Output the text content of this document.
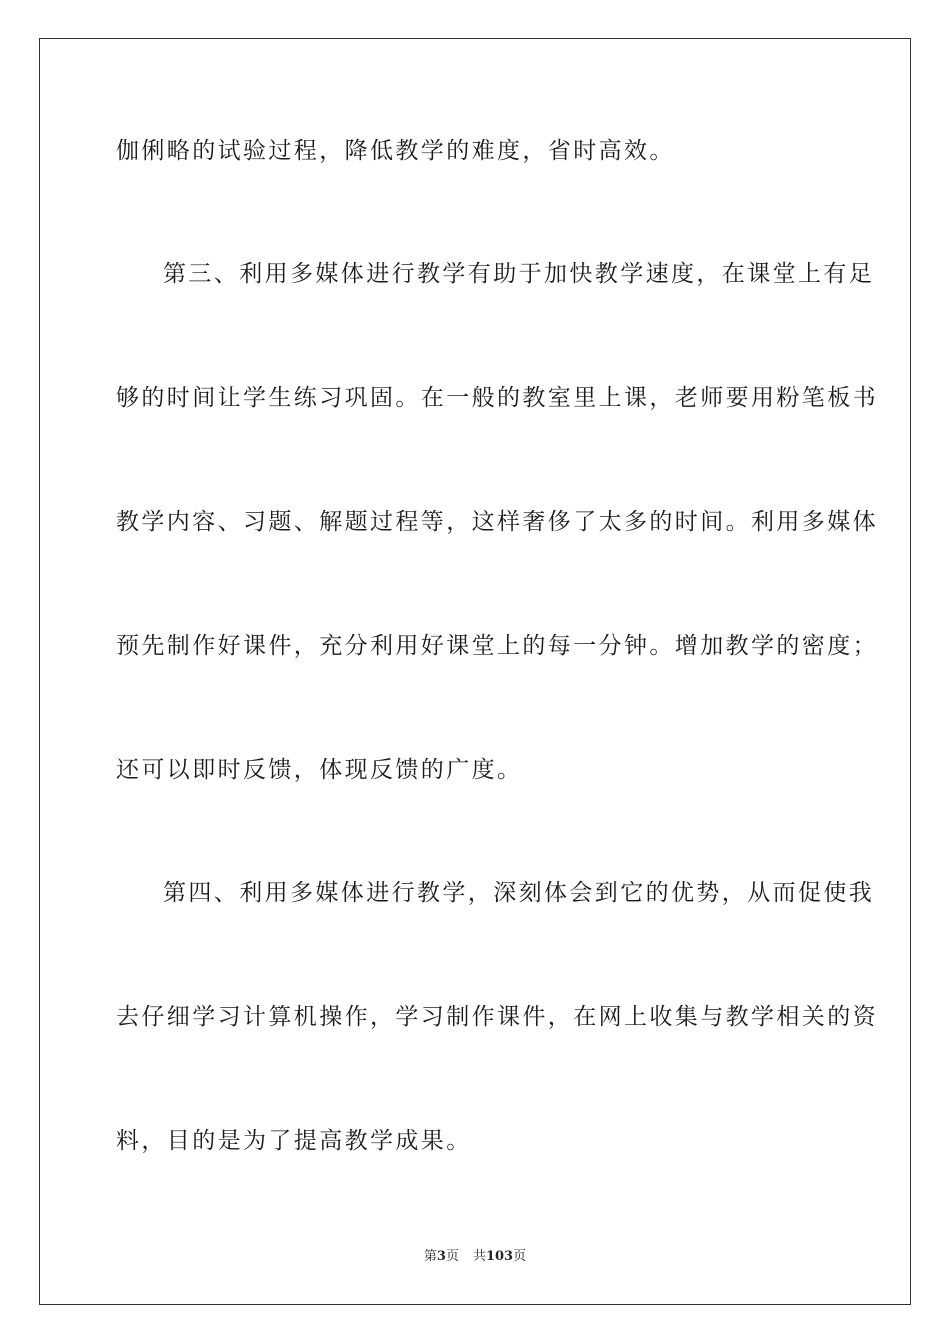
伽俐略的试验过程，降低教学的难度，省时高效。
第三、利用多媒体进行教学有助于加快教学速度，在课堂上有足
够的时间让学生练习巩固。在一般的教室里上课，老师要用粉笔板书
教学内容、习题、解题过程等，这样奢侈了太多的时间。利用多媒体
预先制作好课件，充分利用好课堂上的每一分钟。增加教学的密度；
还可以即时反馈，体现反馈的广度。
第四、利用多媒体进行教学，深刻体会到它的优势，从而促使我
去仔细学习计算机操作，学习制作课件，在网上收集与教学相关的资
料，目的是为了提高教学成果。
第3页 共103页
